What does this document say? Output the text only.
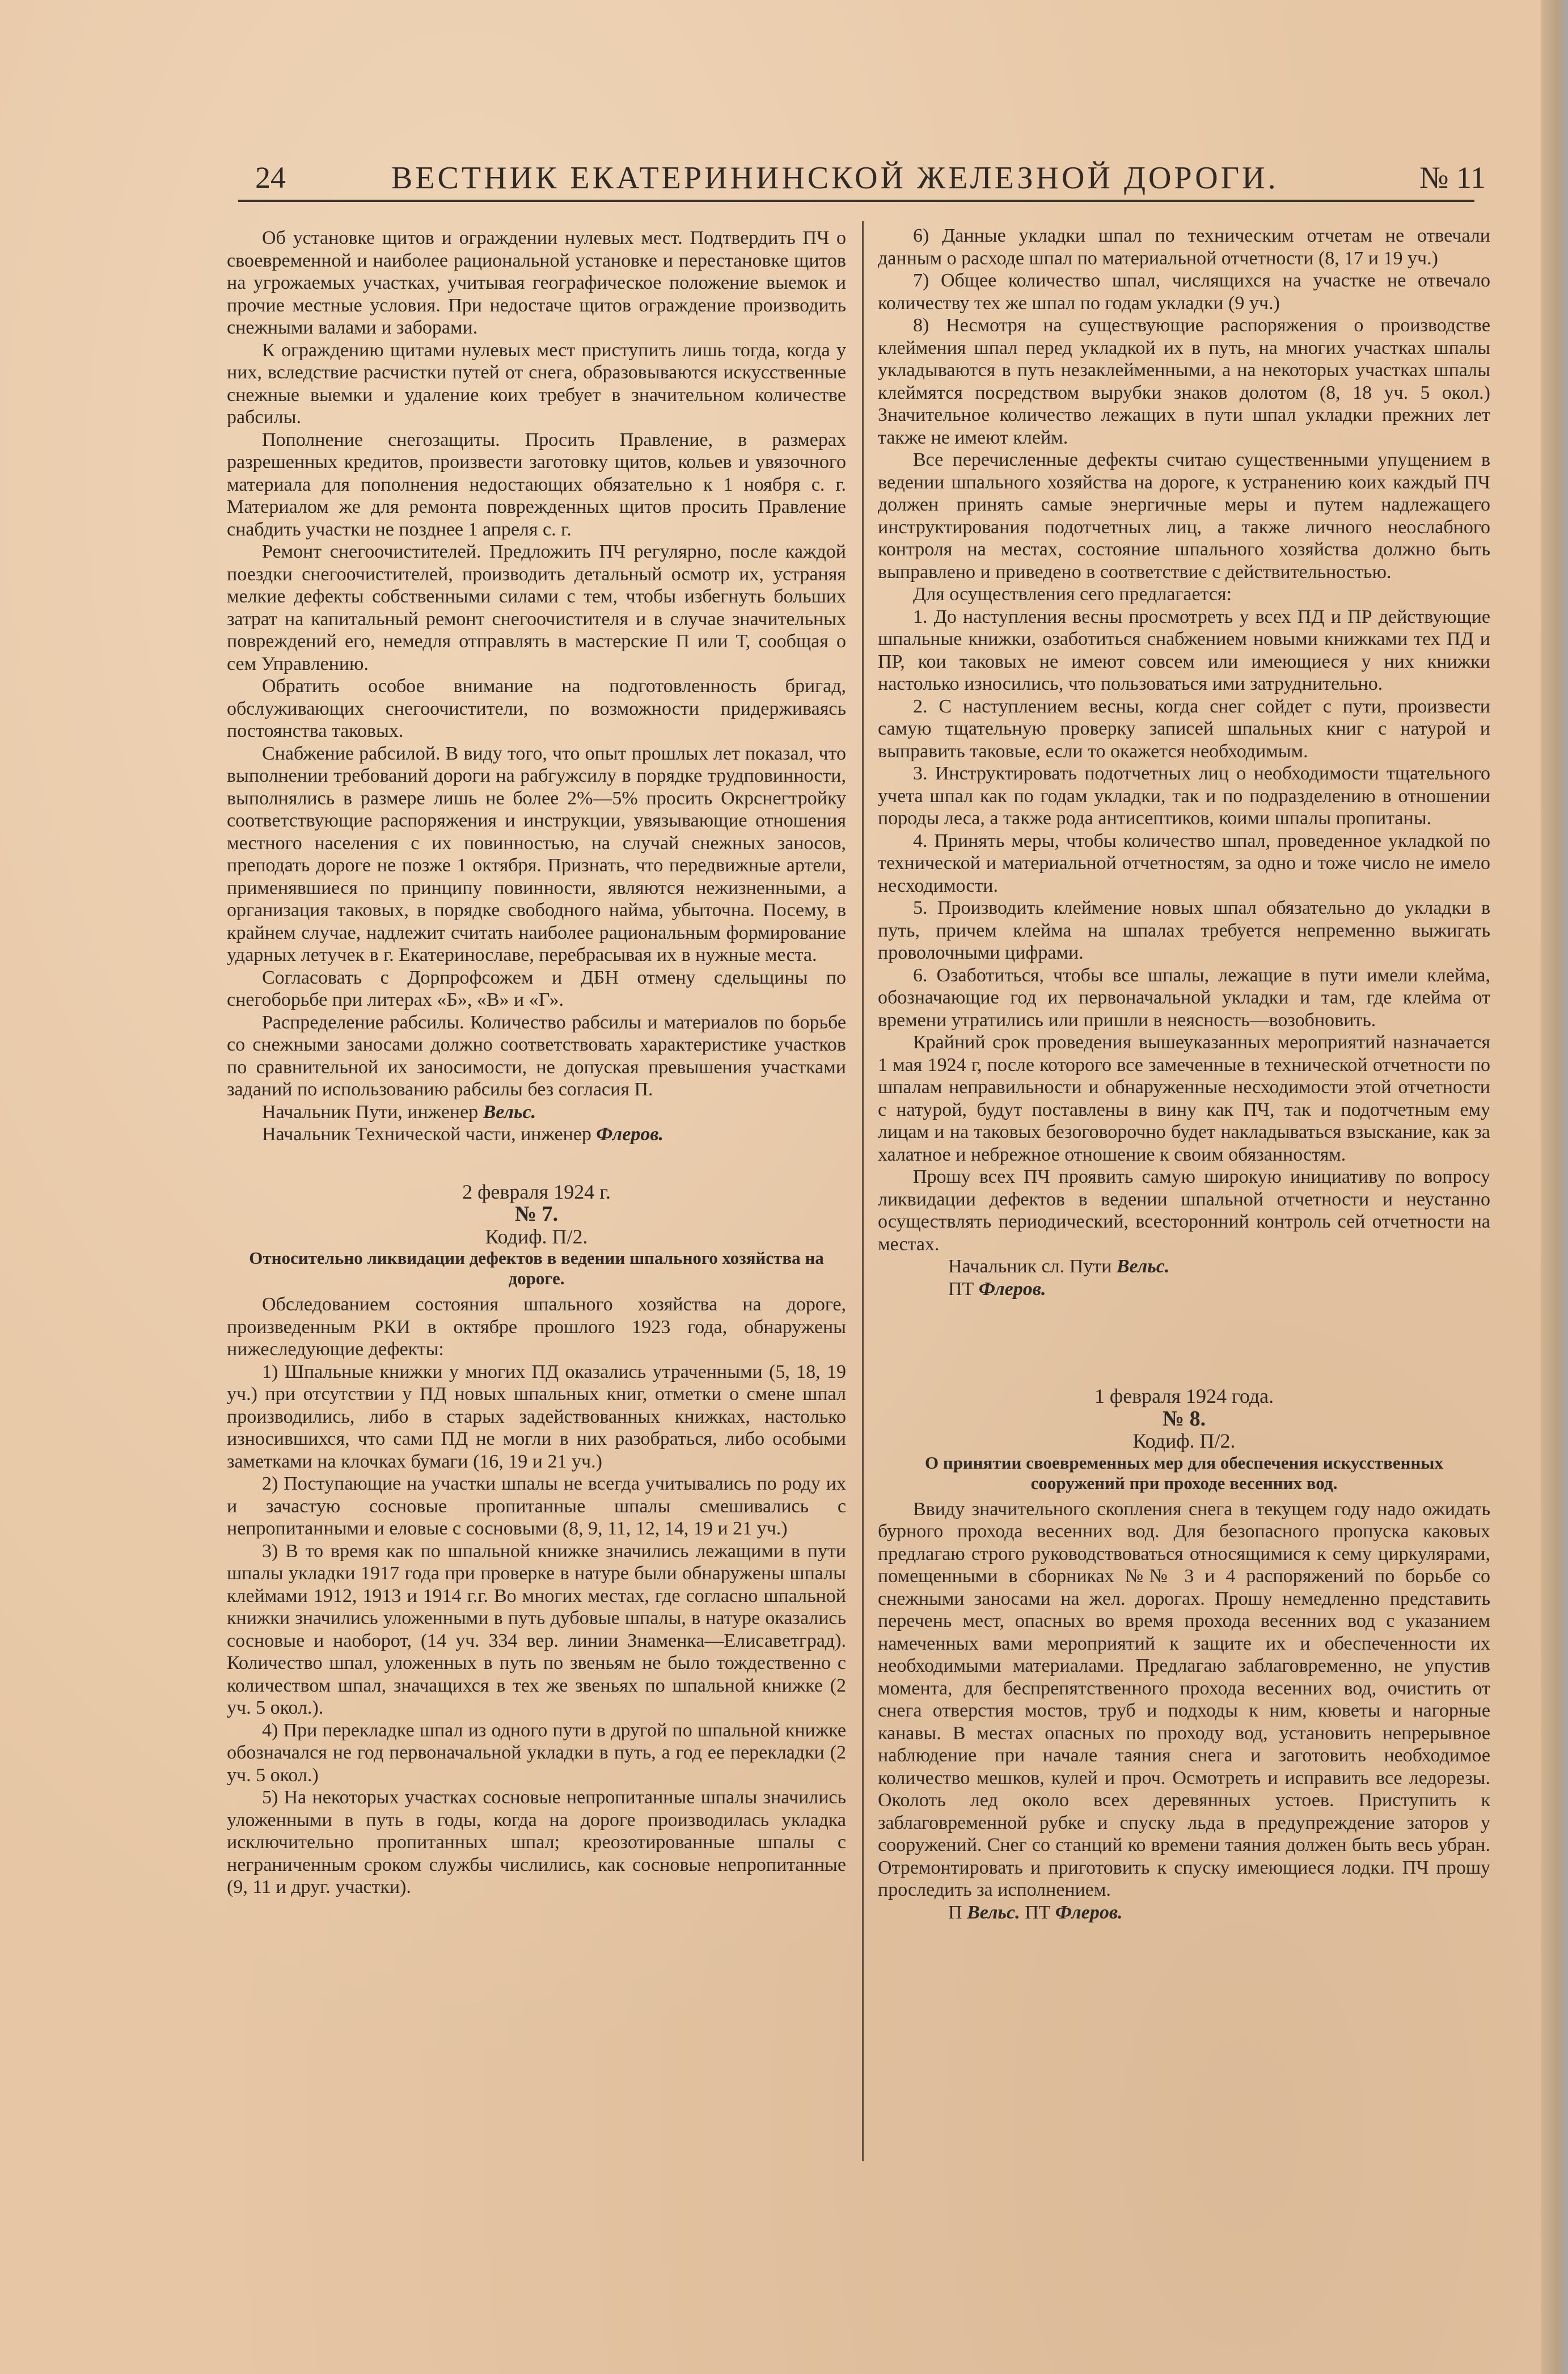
24	ВЕСТНИК ЕКАТЕРИНИНСКОЙ ЖЕЛЕЗНОЙ ДОРОГИ.	№ 11

Об установке щитов и ограждении нулевых мест. Подтвердить ПЧ о своевременной и наиболее рациональной установке и перестановке щитов на угрожаемых участках, учитывая географическое положение выемок и прочие местные условия. При недостаче щитов ограждение производить снежными валами и заборами.

К ограждению щитами нулевых мест приступить лишь тогда, когда у них, вследствие расчистки путей от снега, образовываются искусственные снежные выемки и удаление коих требует в значительном количестве рабсилы.

Пополнение снегозащиты. Просить Правление, в размерах разрешенных кредитов, произвести заготовку щитов, кольев и увязочного материала для пополнения недостающих обязательно к 1 ноября с. г. Материалом же для ремонта поврежденных щитов просить Правление снабдить участки не позднее 1 апреля с. г.

Ремонт снегоочистителей. Предложить ПЧ регулярно, после каждой поездки снегоочистителей, производить детальный осмотр их, устраняя мелкие дефекты собственными силами с тем, чтобы избегнуть больших затрат на капитальный ремонт снегоочистителя и в случае значительных повреждений его, немедля отправлять в мастерские П или Т, сообщая о сем Управлению.

Обратить особое внимание на подготовленность бригад, обслуживающих снегоочистители, по возможности придерживаясь постоянства таковых.

Снабжение рабсилой. В виду того, что опыт прошлых лет показал, что выполнении требований дороги на рабгужсилу в порядке трудповинности, выполнялись в размере лишь не более 2%—5% просить Окрснегтройку соответствующие распоряжения и инструкции, увязывающие отношения местного населения с их повинностью, на случай снежных заносов, преподать дороге не позже 1 октября. Признать, что передвижные артели, применявшиеся по принципу повинности, являются нежизненными, а организация таковых, в порядке свободного найма, убыточна. Посему, в крайнем случае, надлежит считать наиболее рациональным формирование ударных летучек в г. Екатеринославе, перебрасывая их в нужные места.

Согласовать с Дорпрофсожем и ДБН отмену сдельщины по снегоборьбе при литерах «Б», «В» и «Г».

Распределение рабсилы. Количество рабсилы и материалов по борьбе со снежными заносами должно соответствовать характеристике участков по сравнительной их заносимости, не допуская превышения участками заданий по использованию рабсилы без согласия П.

Начальник Пути, инженер Вельс.

Начальник Технической части, инженер Флеров.

2 февраля 1924 г.

№ 7.

Кодиф. П/2.

Относительно ликвидации дефектов в ведении шпального хозяйства на дороге.

Обследованием состояния шпального хозяйства на дороге, произведенным РКИ в октябре прошлого 1923 года, обнаружены нижеследующие дефекты:

1) Шпальные книжки у многих ПД оказались утраченными (5, 18, 19 уч.) при отсутствии у ПД новых шпальных книг, отметки о смене шпал производились, либо в старых задействованных книжках, настолько износившихся, что сами ПД не могли в них разобраться, либо особыми заметками на клочках бумаги (16, 19 и 21 уч.)

2) Поступающие на участки шпалы не всегда учитывались по роду их и зачастую сосновые пропитанные шпалы смешивались с непропитанными и еловые с сосновыми (8, 9, 11, 12, 14, 19 и 21 уч.)

3) В то время как по шпальной книжке значились лежащими в пути шпалы укладки 1917 года при проверке в натуре были обнаружены шпалы клеймами 1912, 1913 и 1914 г.г. Во многих местах, где согласно шпальной книжки значились уложенными в путь дубовые шпалы, в натуре оказались сосновые и наоборот, (14 уч. 334 вер. линии Знаменка—Елисаветград). Количество шпал, уложенных в путь по звеньям не было тождественно с количеством шпал, значащихся в тех же звеньях по шпальной книжке (2 уч. 5 окол.).

4) При перекладке шпал из одного пути в другой по шпальной книжке обозначался не год первоначальной укладки в путь, а год ее перекладки (2 уч. 5 окол.)

5) На некоторых участках сосновые непропитанные шпалы значились уложенными в путь в годы, когда на дороге производилась укладка исключительно пропитанных шпал; креозотированные шпалы с неграниченным сроком службы числились, как сосновые непропитанные (9, 11 и друг. участки).

6) Данные укладки шпал по техническим отчетам не отвечали данным о расходе шпал по материальной отчетности (8, 17 и 19 уч.)

7) Общее количество шпал, числящихся на участке не отвечало количеству тех же шпал по годам укладки (9 уч.)

8) Несмотря на существующие распоряжения о производстве клеймения шпал перед укладкой их в путь, на многих участках шпалы укладываются в путь незаклейменными, а на некоторых участках шпалы клеймятся посредством вырубки знаков долотом (8, 18 уч. 5 окол.) Значительное количество лежащих в пути шпал укладки прежних лет также не имеют клейм.

Все перечисленные дефекты считаю существенными упущением в ведении шпального хозяйства на дороге, к устранению коих каждый ПЧ должен принять самые энергичные меры и путем надлежащего инструктирования подотчетных лиц, а также личного неослабного контроля на местах, состояние шпального хозяйства должно быть выправлено и приведено в соответствие с действительностью.

Для осуществления сего предлагается:

1. До наступления весны просмотреть у всех ПД и ПР действующие шпальные книжки, озаботиться снабжением новыми книжками тех ПД и ПР, кои таковых не имеют совсем или имеющиеся у них книжки настолько износились, что пользоваться ими затруднительно.

2. С наступлением весны, когда снег сойдет с пути, произвести самую тщательную проверку записей шпальных книг с натурой и выправить таковые, если то окажется необходимым.

3. Инструктировать подотчетных лиц о необходимости тщательного учета шпал как по годам укладки, так и по подразделению в отношении породы леса, а также рода антисептиков, коими шпалы пропитаны.

4. Принять меры, чтобы количество шпал, проведенное укладкой по технической и материальной отчетностям, за одно и тоже число не имело несходимости.

5. Производить клеймение новых шпал обязательно до укладки в путь, причем клейма на шпалах требуется непременно выжигать проволочными цифрами.

6. Озаботиться, чтобы все шпалы, лежащие в пути имели клейма, обозначающие год их первоначальной укладки и там, где клейма от времени утратились или пришли в неясность—возобновить.

Крайний срок проведения вышеуказанных мероприятий назначается 1 мая 1924 г, после которого все замеченные в технической отчетности по шпалам неправильности и обнаруженные несходимости этой отчетности с натурой, будут поставлены в вину как ПЧ, так и подотчетным ему лицам и на таковых безоговорочно будет накладываться взыскание, как за халатное и небрежное отношение к своим обязанностям.

Прошу всех ПЧ проявить самую широкую инициативу по вопросу ликвидации дефектов в ведении шпальной отчетности и неустанно осуществлять периодический, всесторонний контроль сей отчетности на местах.

Начальник сл. Пути Вельс.

ПТ Флеров.

1 февраля 1924 года.

№ 8.

Кодиф. П/2.

О принятии своевременных мер для обеспечения искусственных сооружений при проходе весенних вод.

Ввиду значительного скопления снега в текущем году надо ожидать бурного прохода весенних вод. Для безопасного пропуска каковых предлагаю строго руководствоваться относящимися к сему циркулярами, помещенными в сборниках №№ 3 и 4 распоряжений по борьбе со снежными заносами на жел. дорогах. Прошу немедленно представить перечень мест, опасных во время прохода весенних вод с указанием намеченных вами мероприятий к защите их и обеспеченности их необходимыми материалами. Предлагаю заблаговременно, не упустив момента, для беспрепятственного прохода весенних вод, очистить от снега отверстия мостов, труб и подходы к ним, кюветы и нагорные канавы. В местах опасных по проходу вод, установить непрерывное наблюдение при начале таяния снега и заготовить необходимое количество мешков, кулей и проч. Осмотреть и исправить все ледорезы. Околоть лед около всех деревянных устоев. Приступить к заблаговременной рубке и спуску льда в предупреждение заторов у сооружений. Снег со станций ко времени таяния должен быть весь убран. Отремонтировать и приготовить к спуску имеющиеся лодки. ПЧ прошу проследить за исполнением.

П Вельс. ПТ Флеров.
